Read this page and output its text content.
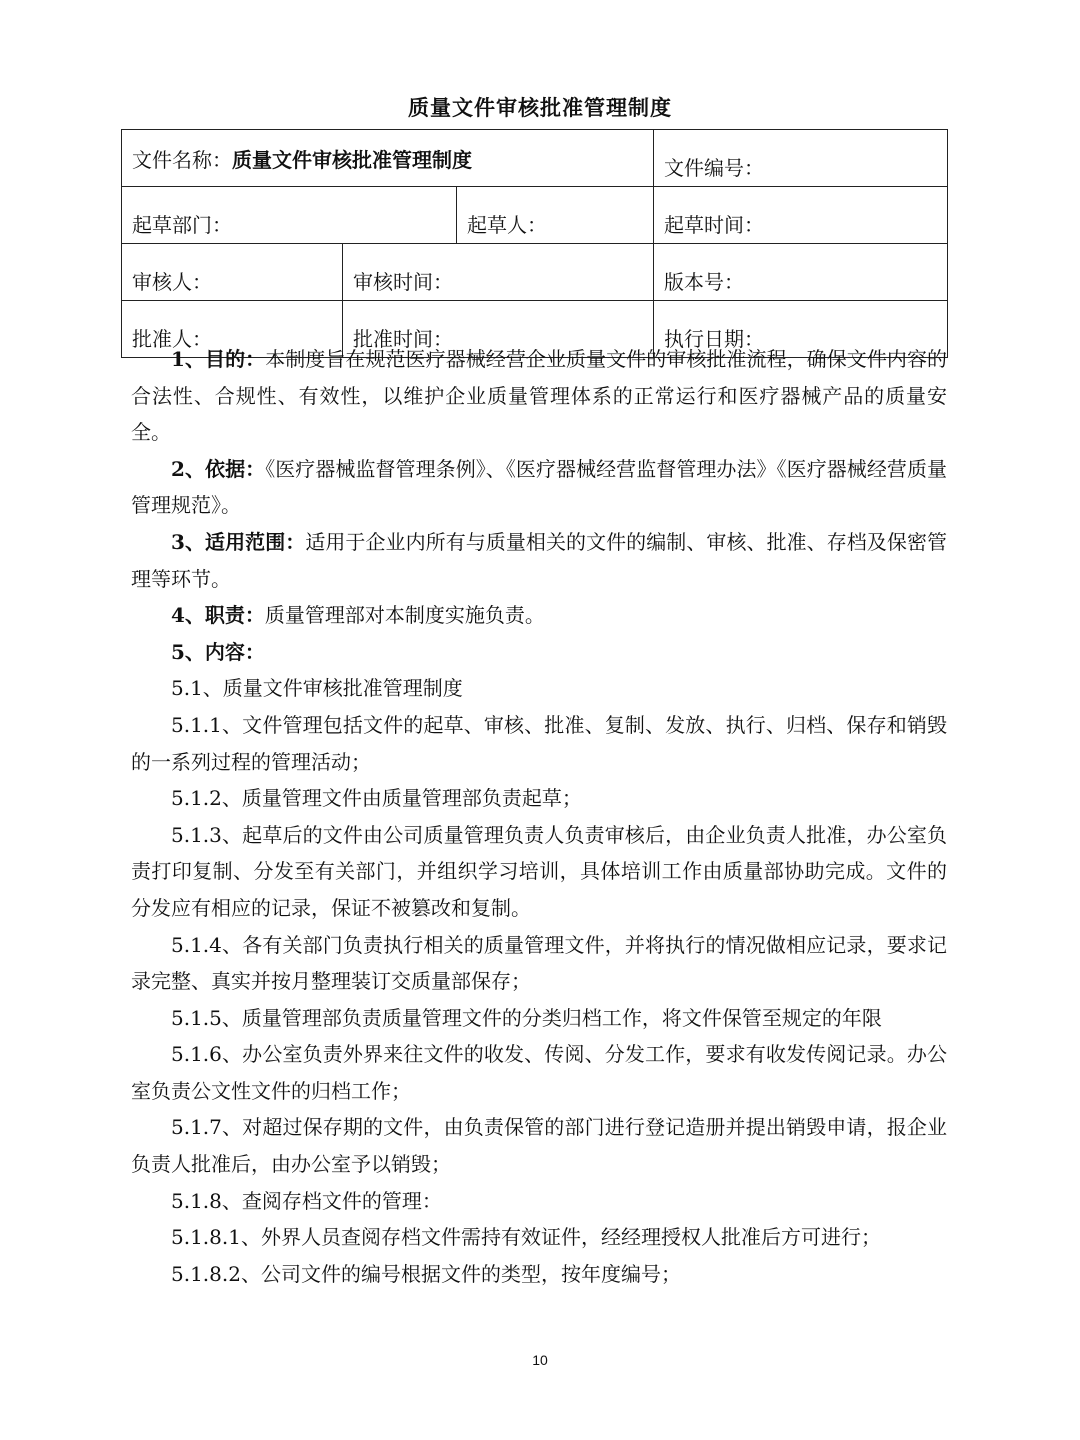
质量文件审核批准管理制度
文件名称：质量文件审核批准管理制度			文件编号：
起草部门：		起草人：	起草时间：
审核人：	审核时间：		版本号：
批准人：	批准时间：		执行日期：

1、目的：本制度旨在规范医疗器械经营企业质量文件的审核批准流程，确保文件内容的合法性、合规性、有效性，以维护企业质量管理体系的正常运行和医疗器械产品的质量安全。

2、依据：《医疗器械监督管理条例》、《医疗器械经营监督管理办法》《医疗器械经营质量管理规范》。

3、适用范围：适用于企业内所有与质量相关的文件的编制、审核、批准、存档及保密管理等环节。

4、职责：质量管理部对本制度实施负责。

5、内容：

5.1、质量文件审核批准管理制度

5.1.1、文件管理包括文件的起草、审核、批准、复制、发放、执行、归档、保存和销毁的一系列过程的管理活动；

5.1.2、质量管理文件由质量管理部负责起草；

5.1.3、起草后的文件由公司质量管理负责人负责审核后，由企业负责人批准，办公室负责打印复制、分发至有关部门，并组织学习培训，具体培训工作由质量部协助完成。文件的分发应有相应的记录，保证不被篡改和复制。

5.1.4、各有关部门负责执行相关的质量管理文件，并将执行的情况做相应记录，要求记录完整、真实并按月整理装订交质量部保存；

5.1.5、质量管理部负责质量管理文件的分类归档工作，将文件保管至规定的年限

5.1.6、办公室负责外界来往文件的收发、传阅、分发工作，要求有收发传阅记录。办公室负责公文性文件的归档工作；

5.1.7、对超过保存期的文件，由负责保管的部门进行登记造册并提出销毁申请，报企业负责人批准后，由办公室予以销毁；

5.1.8、查阅存档文件的管理：

5.1.8.1、外界人员查阅存档文件需持有效证件，经经理授权人批准后方可进行；

5.1.8.2、公司文件的编号根据文件的类型，按年度编号；

10
